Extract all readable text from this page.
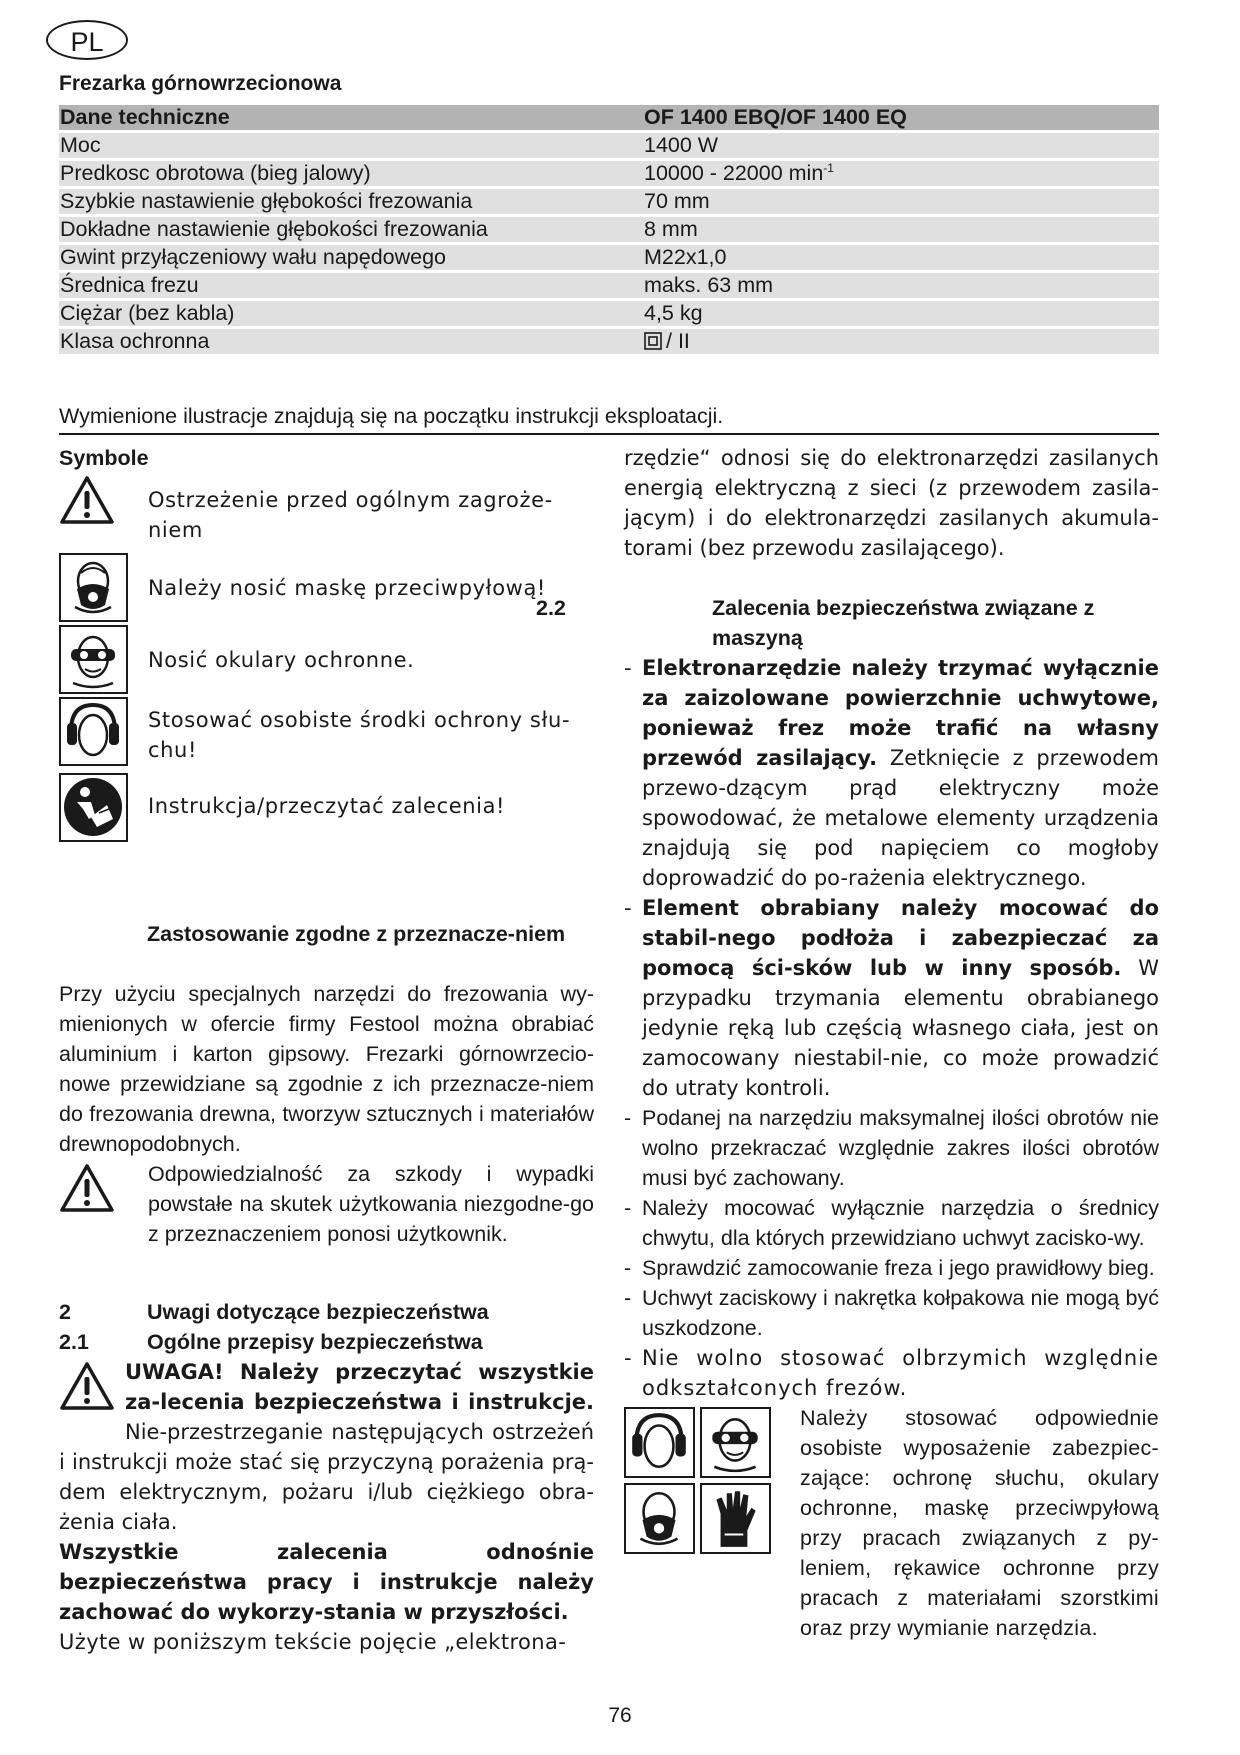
PL
Frezarka górnowrzecionowa
Dane techniczne	OF 1400 EBQ/OF 1400 EQ
Moc	1400 W
Predkosc obrotowa (bieg jalowy)	10000 - 22000 $\min^{-1}$
Szybkie nastawienie głębokości frezowania	70 mm
Dokładne nastawienie głębokości frezowania	8 mm
Gwint przyłączeniowy wału napędowego	M22x1,0
Średnica frezu	maks. 63 mm
Ciężar (bez kabla)	4,5 kg
Klasa ochronna	/ II
Wymienione ilustracje znajdują się na początku instrukcji eksploatacji.
Symbole
Ostrzeżenie przed ogólnym zagroże-niem
Należy nosić maskę przeciwpyłową!
Nosić okulary ochronne.
Stosować osobiste środki ochrony słu-chu!
Instrukcja/przeczytać zalecenia!
Zastosowanie zgodne z przeznacze-niem
Przy użyciu specjalnych narzędzi do frezowania wy-mienionych w ofercie firmy Festool można obrabiać aluminium i karton gipsowy. Frezarki górnowrzecio-nowe przewidziane są zgodnie z ich przeznacze-niem do frezowania drewna, tworzyw sztucznych i materiałów drewnopodobnych.
Odpowiedzialność za szkody i wypadki powstałe na skutek użytkowania niezgodne-go z przeznaczeniem ponosi użytkownik.
2	Uwagi dotyczące bezpieczeństwa
2.1	Ogólne przepisy bezpieczeństwa
UWAGA! Należy przeczytać wszystkie za-lecenia bezpieczeństwa i instrukcje. Nie-przestrzeganie następujących ostrzeżeń i instrukcji może stać się przyczyną porażenia prą-dem elektrycznym, pożaru i/lub ciężkiego obra-żenia ciała.
Wszystkie zalecenia odnośnie bezpieczeństwa pracy i instrukcje należy zachować do wykorzy-stania w przyszłości.
Użyte w poniższym tekście pojęcie „elektrona-
rzędzie“ odnosi się do elektronarzędzi zasilanych energią elektryczną z sieci (z przewodem zasila-jącym) i do elektronarzędzi zasilanych akumula-torami (bez przewodu zasilającego).
2.2	Zalecenia bezpieczeństwa związane z maszyną
- Elektronarzędzie należy trzymać wyłącznie za zaizolowane powierzchnie uchwytowe, ponieważ frez może trafić na własny przewód zasilający. Zetknięcie z przewodem przewo-dzącym prąd elektryczny może spowodować, że metalowe elementy urządzenia znajdują się pod napięciem co mogłoby doprowadzić do po-rażenia elektrycznego.
- Element obrabiany należy mocować do stabil-nego podłoża i zabezpieczać za pomocą ści-sków lub w inny sposób. W przypadku trzymania elementu obrabianego jedynie ręką lub częścią własnego ciała, jest on zamocowany niestabil-nie, co może prowadzić do utraty kontroli.
- Podanej na narzędziu maksymalnej ilości obrotów nie wolno przekraczać względnie zakres ilości obrotów musi być zachowany.
- Należy mocować wyłącznie narzędzia o średnicy chwytu, dla których przewidziano uchwyt zacisko-wy.
- Sprawdzić zamocowanie freza i jego prawidłowy bieg.
- Uchwyt zaciskowy i nakrętka kołpakowa nie mogą być uszkodzone.
- Nie wolno stosować olbrzymich względnie odkształconych frezów.
Należy stosować odpowiednie osobiste wyposażenie zabezpiec-zające: ochronę słuchu, okulary ochronne, maskę przeciwpyłową przy pracach związanych z py-leniem, rękawice ochronne przy pracach z materiałami szorstkimi oraz przy wymianie narzędzia.
76
